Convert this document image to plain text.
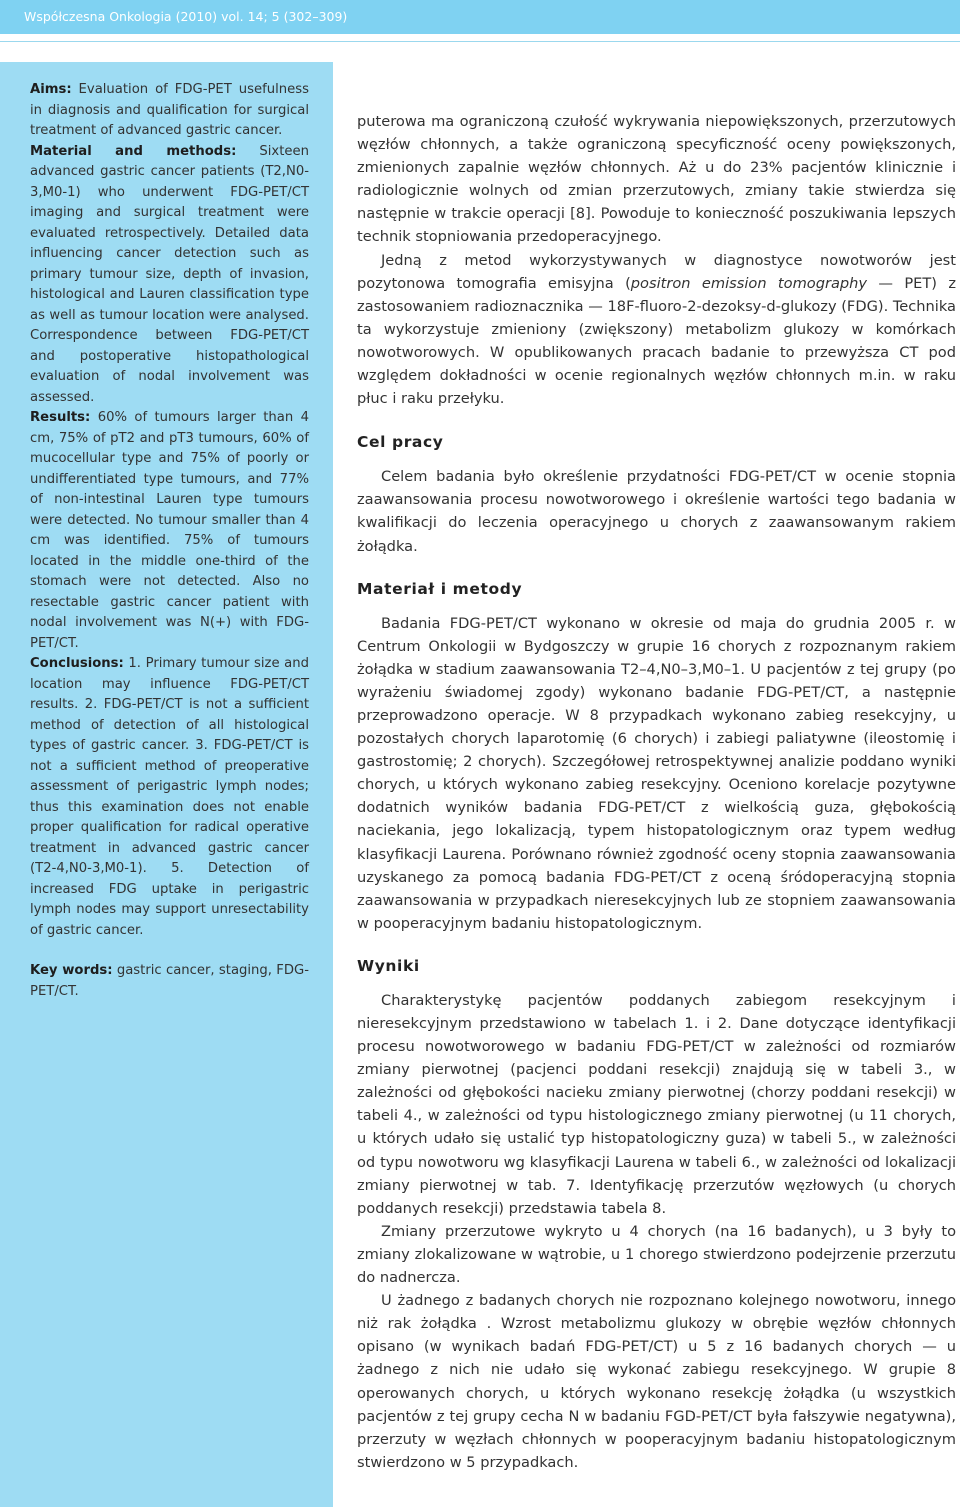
Współczesna Onkologia (2010) vol. 14; 5 (302–309)

Aims: Evaluation of FDG-PET usefulness in diagnosis and qualification for surgical treatment of advanced gastric cancer.

Material and methods: Sixteen advanced gastric cancer patients (T2,N0-3,M0-1) who underwent FDG-PET/CT imaging and surgical treatment were evaluated retrospectively. Detailed data influencing cancer detection such as primary tumour size, depth of invasion, histological and Lauren classification type as well as tumour location were analysed. Correspondence between FDG-PET/CT and postoperative histopathological evaluation of nodal involvement was assessed.

Results: 60% of tumours larger than 4 cm, 75% of pT2 and pT3 tumours, 60% of mucocellular type and 75% of poorly or undifferentiated type tumours, and 77% of non-intestinal Lauren type tumours were detected. No tumour smaller than 4 cm was identified. 75% of tumours located in the middle one-third of the stomach were not detected. Also no resectable gastric cancer patient with nodal involvement was N(+) with FDG-PET/CT.

Conclusions: 1. Primary tumour size and location may influence FDG-PET/CT results. 2. FDG-PET/CT is not a sufficient method of detection of all histological types of gastric cancer. 3. FDG-PET/CT is not a sufficient method of preoperative assessment of perigastric lymph nodes; thus this examination does not enable proper qualification for radical operative treatment in advanced gastric cancer (T2-4,N0-3,M0-1). 5. Detection of increased FDG uptake in perigastric lymph nodes may support unresectability of gastric cancer.

Key words: gastric cancer, staging, FDG-PET/CT.

puterowa ma ograniczoną czułość wykrywania niepowiększonych, przerzutowych węzłów chłonnych, a także ograniczoną specyficzność oceny powiększonych, zmienionych zapalnie węzłów chłonnych. Aż u do 23% pacjentów klinicznie i radiologicznie wolnych od zmian przerzutowych, zmiany takie stwierdza się następnie w trakcie operacji [8]. Powoduje to konieczność poszukiwania lepszych technik stopniowania przedoperacyjnego.

Jedną z metod wykorzystywanych w diagnostyce nowotworów jest pozytonowa tomografia emisyjna (positron emission tomography — PET) z zastosowaniem radioznacznika — 18F-fluoro-2-dezoksy-d-glukozy (FDG). Technika ta wykorzystuje zmieniony (zwiększony) metabolizm glukozy w komórkach nowotworowych. W opublikowanych pracach badanie to przewyższa CT pod względem dokładności w ocenie regionalnych węzłów chłonnych m.in. w raku płuc i raku przełyku.

Cel pracy

Celem badania było określenie przydatności FDG-PET/CT w ocenie stopnia zaawansowania procesu nowotworowego i określenie wartości tego badania w kwalifikacji do leczenia operacyjnego u chorych z zaawansowanym rakiem żołądka.

Materiał i metody

Badania FDG-PET/CT wykonano w okresie od maja do grudnia 2005 r. w Centrum Onkologii w Bydgoszczy w grupie 16 chorych z rozpoznanym rakiem żołądka w stadium zaawansowania T2–4,N0–3,M0–1. U pacjentów z tej grupy (po wyrażeniu świadomej zgody) wykonano badanie FDG-PET/CT, a następnie przeprowadzono operacje. W 8 przypadkach wykonano zabieg resekcyjny, u pozostałych chorych laparotomię (6 chorych) i zabiegi paliatywne (ileostomię i gastrostomię; 2 chorych). Szczegółowej retrospektywnej analizie poddano wyniki chorych, u których wykonano zabieg resekcyjny. Oceniono korelacje pozytywne dodatnich wyników badania FDG-PET/CT z wielkością guza, głębokością naciekania, jego lokalizacją, typem histopatologicznym oraz typem według klasyfikacji Laurena. Porównano również zgodność oceny stopnia zaawansowania uzyskanego za pomocą badania FDG-PET/CT z oceną śródoperacyjną stopnia zaawansowania w przypadkach nieresekcyjnych lub ze stopniem zaawansowania w pooperacyjnym badaniu histopatologicznym.

Wyniki

Charakterystykę pacjentów poddanych zabiegom resekcyjnym i nieresekcyjnym przedstawiono w tabelach 1. i 2. Dane dotyczące identyfikacji procesu nowotworowego w badaniu FDG-PET/CT w zależności od rozmiarów zmiany pierwotnej (pacjenci poddani resekcji) znajdują się w tabeli 3., w zależności od głębokości nacieku zmiany pierwotnej (chorzy poddani resekcji) w tabeli 4., w zależności od typu histologicznego zmiany pierwotnej (u 11 chorych, u których udało się ustalić typ histopatologiczny guza) w tabeli 5., w zależności od typu nowotworu wg klasyfikacji Laurena w tabeli 6., w zależności od lokalizacji zmiany pierwotnej w tab. 7. Identyfikację przerzutów węzłowych (u chorych poddanych resekcji) przedstawia tabela 8.

Zmiany przerzutowe wykryto u 4 chorych (na 16 badanych), u 3 były to zmiany zlokalizowane w wątrobie, u 1 chorego stwierdzono podejrzenie przerzutu do nadnercza.

U żadnego z badanych chorych nie rozpoznano kolejnego nowotworu, innego niż rak żołądka . Wzrost metabolizmu glukozy w obrębie węzłów chłonnych opisano (w wynikach badań FDG-PET/CT) u 5 z 16 badanych chorych — u żadnego z nich nie udało się wykonać zabiegu resekcyjnego. W grupie 8 operowanych chorych, u których wykonano resekcję żołądka (u wszystkich pacjentów z tej grupy cecha N w badaniu FGD-PET/CT była fałszywie negatywna), przerzuty w węzłach chłonnych w pooperacyjnym badaniu histopatologicznym stwierdzono w 5 przypadkach.
